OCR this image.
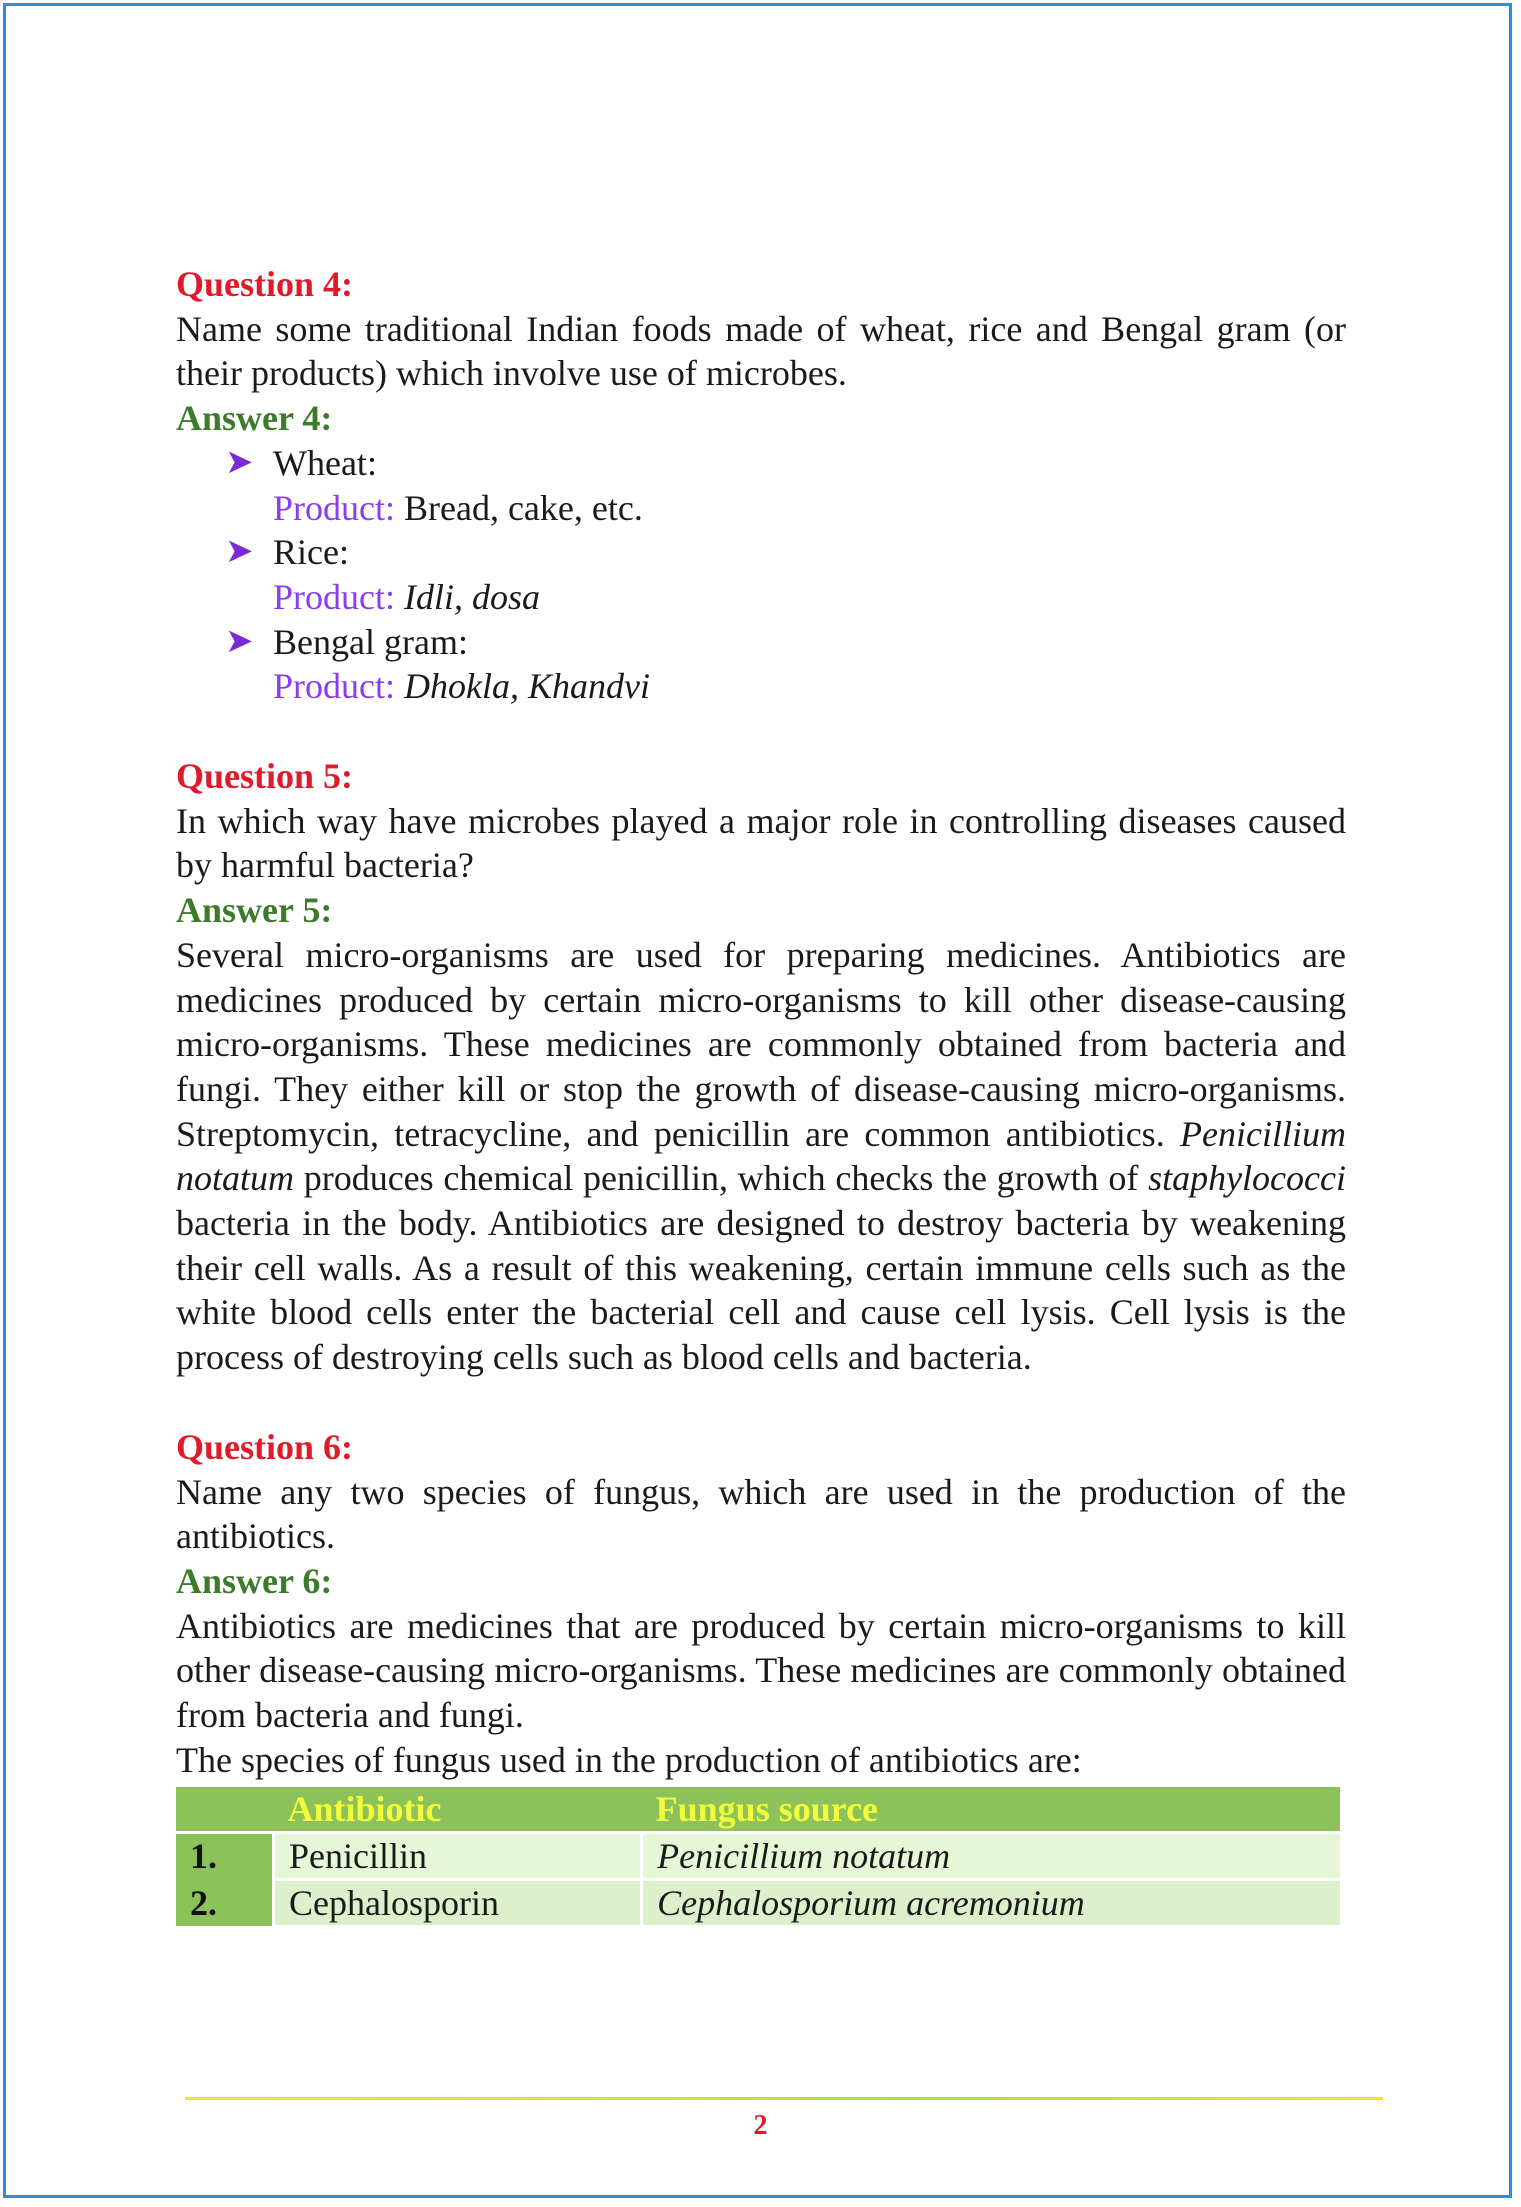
Question 4:
Name some traditional Indian foods made of wheat, rice and Bengal gram (or their products) which involve use of microbes.
Answer 4:
➤ Wheat:
Product: Bread, cake, etc.
➤ Rice:
Product: Idli, dosa
➤ Bengal gram:
Product: Dhokla, Khandvi
Question 5:
In which way have microbes played a major role in controlling diseases caused by harmful bacteria?
Answer 5:
Several micro-organisms are used for preparing medicines. Antibiotics are medicines produced by certain micro-organisms to kill other disease-causing micro-organisms. These medicines are commonly obtained from bacteria and fungi. They either kill or stop the growth of disease-causing micro-organisms. Streptomycin, tetracycline, and penicillin are common antibiotics. Penicillium notatum produces chemical penicillin, which checks the growth of staphylococci bacteria in the body. Antibiotics are designed to destroy bacteria by weakening their cell walls. As a result of this weakening, certain immune cells such as the white blood cells enter the bacterial cell and cause cell lysis. Cell lysis is the process of destroying cells such as blood cells and bacteria.
Question 6:
Name any two species of fungus, which are used in the production of the antibiotics.
Answer 6:
Antibiotics are medicines that are produced by certain micro-organisms to kill other disease-causing micro-organisms. These medicines are commonly obtained from bacteria and fungi.
The species of fungus used in the production of antibiotics are:
	Antibiotic	Fungus source
1.	Penicillin	Penicillium notatum
2.	Cephalosporin	Cephalosporium acremonium
2
